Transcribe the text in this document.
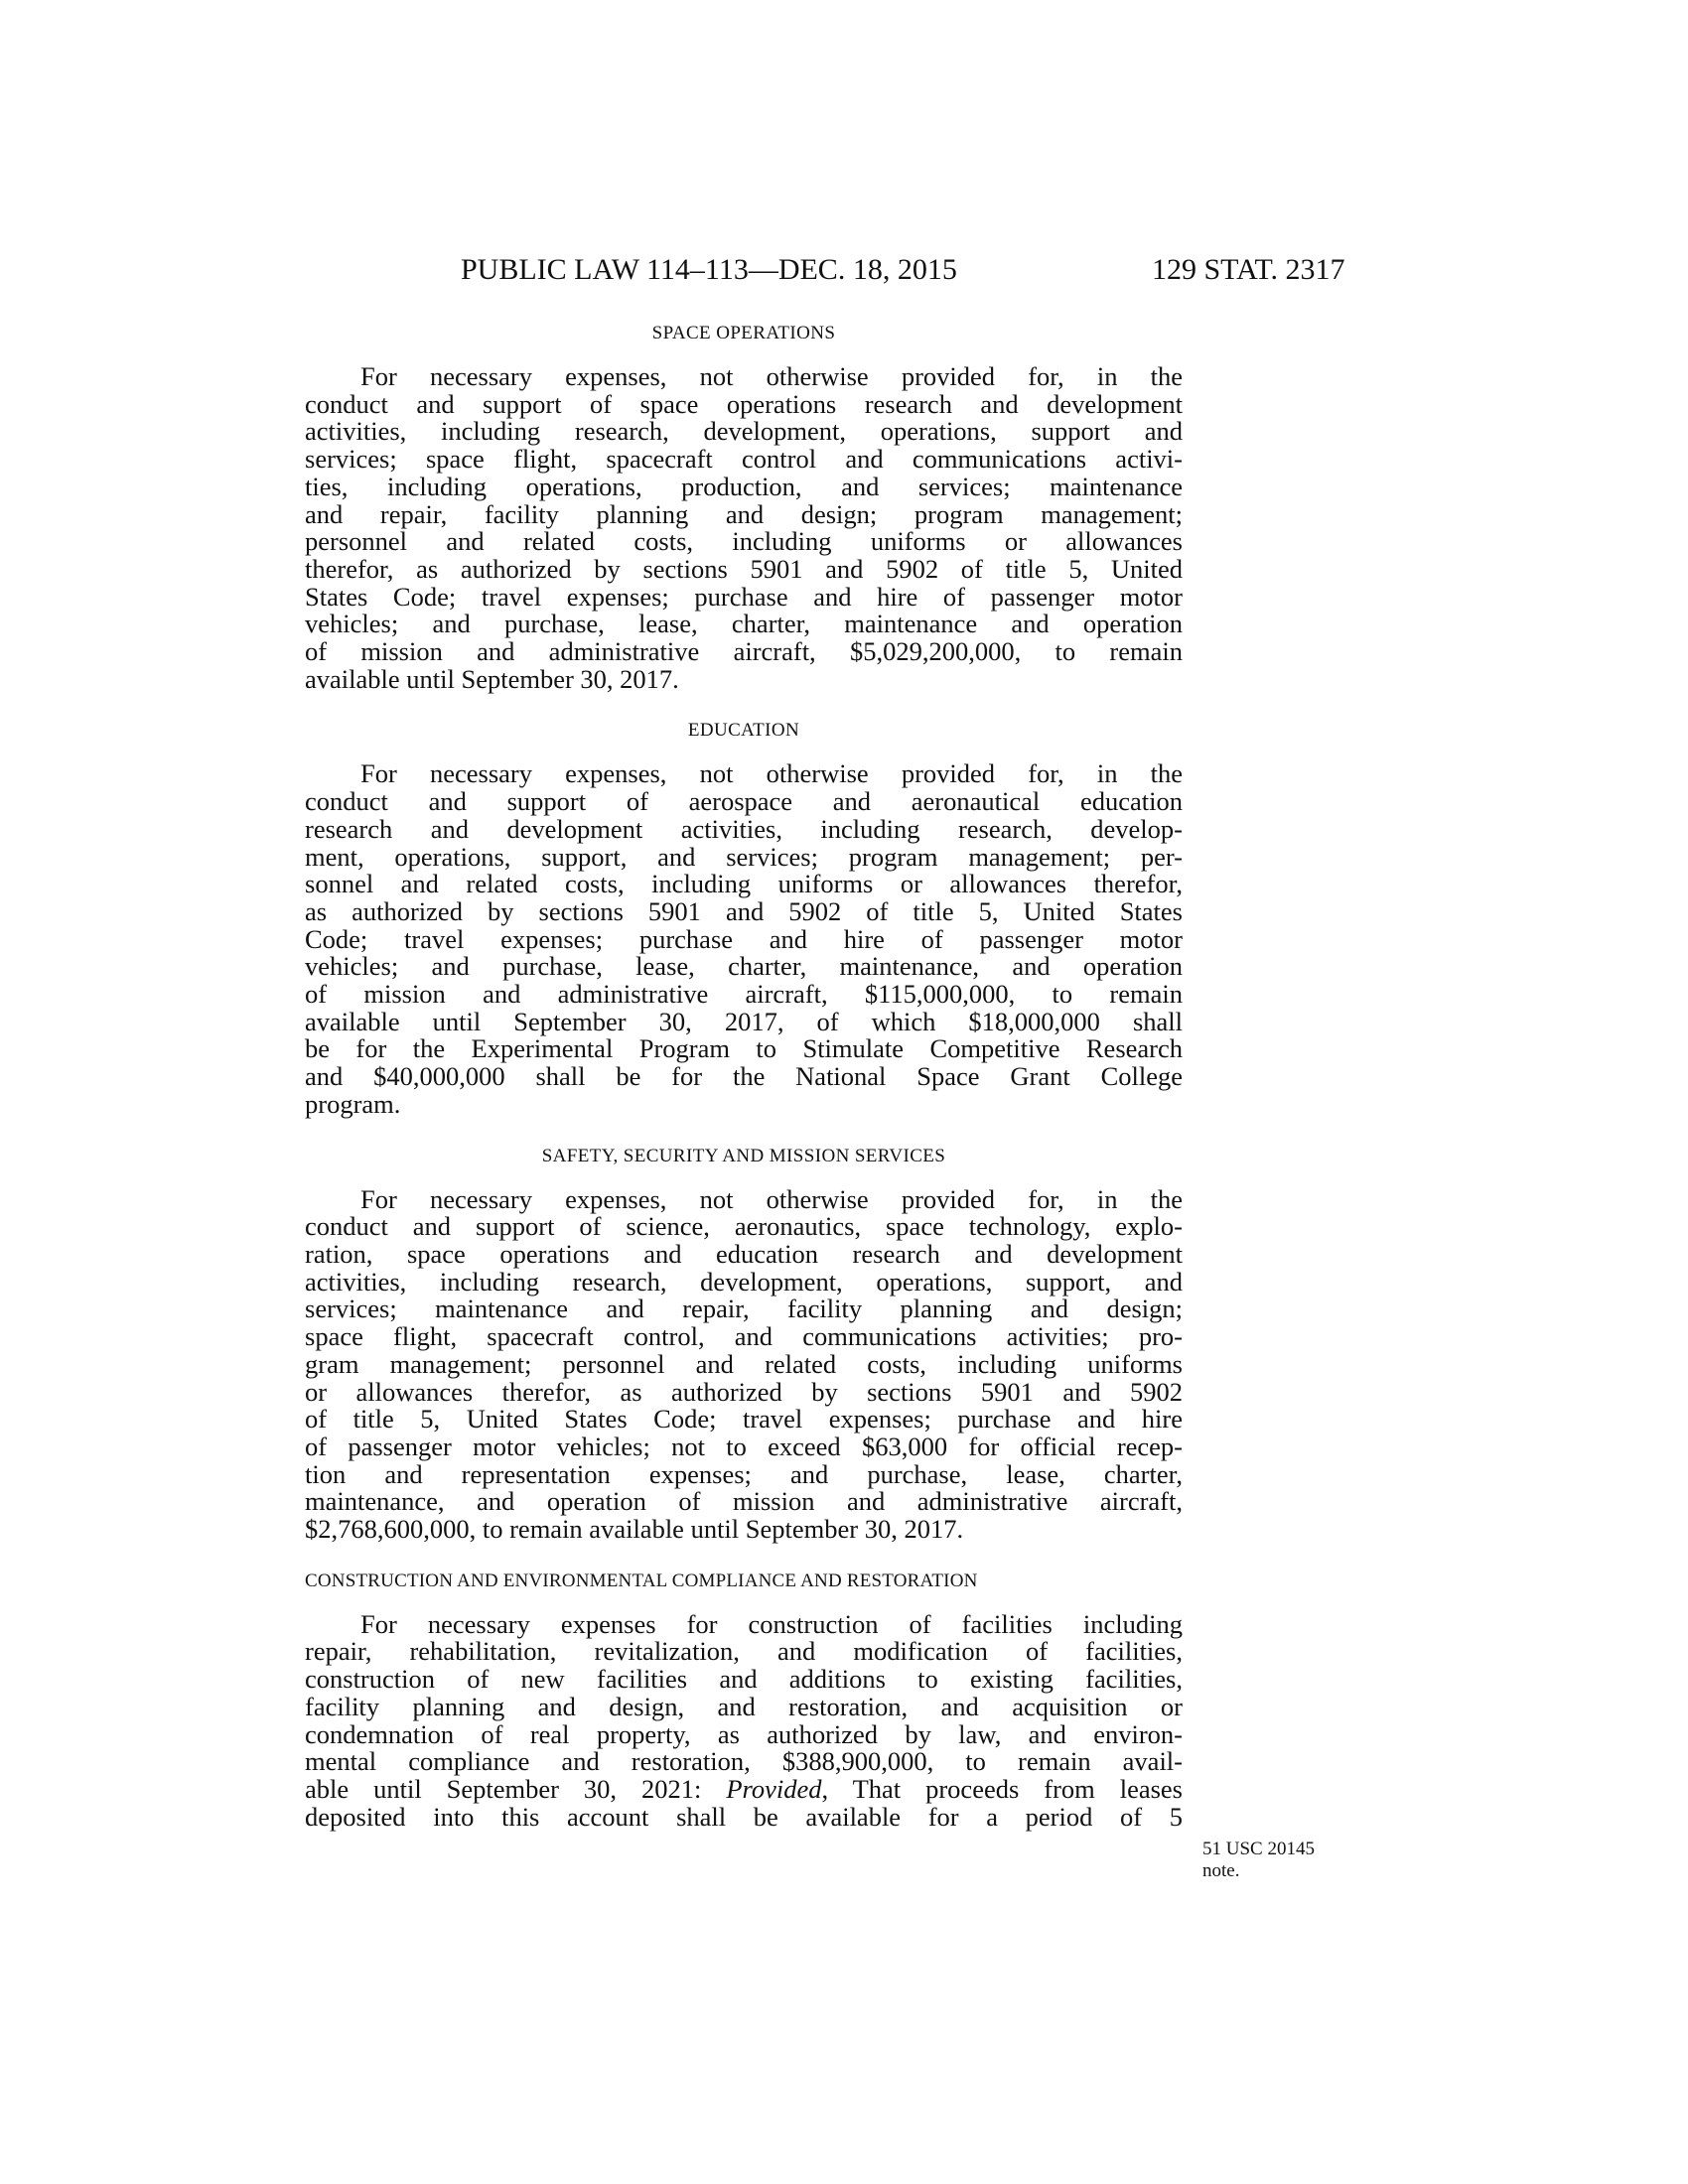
PUBLIC LAW 114–113—DEC. 18, 2015	129 STAT. 2317
SPACE OPERATIONS
For necessary expenses, not otherwise provided for, in the
conduct and support of space operations research and development
activities, including research, development, operations, support and
services; space flight, spacecraft control and communications activi-
ties, including operations, production, and services; maintenance
and repair, facility planning and design; program management;
personnel and related costs, including uniforms or allowances
therefor, as authorized by sections 5901 and 5902 of title 5, United
States Code; travel expenses; purchase and hire of passenger motor
vehicles; and purchase, lease, charter, maintenance and operation
of mission and administrative aircraft, $5,029,200,000, to remain
available until September 30, 2017.
EDUCATION
For necessary expenses, not otherwise provided for, in the
conduct and support of aerospace and aeronautical education
research and development activities, including research, develop-
ment, operations, support, and services; program management; per-
sonnel and related costs, including uniforms or allowances therefor,
as authorized by sections 5901 and 5902 of title 5, United States
Code; travel expenses; purchase and hire of passenger motor
vehicles; and purchase, lease, charter, maintenance, and operation
of mission and administrative aircraft, $115,000,000, to remain
available until September 30, 2017, of which $18,000,000 shall
be for the Experimental Program to Stimulate Competitive Research
and $40,000,000 shall be for the National Space Grant College
program.
SAFETY, SECURITY AND MISSION SERVICES
For necessary expenses, not otherwise provided for, in the
conduct and support of science, aeronautics, space technology, explo-
ration, space operations and education research and development
activities, including research, development, operations, support, and
services; maintenance and repair, facility planning and design;
space flight, spacecraft control, and communications activities; pro-
gram management; personnel and related costs, including uniforms
or allowances therefor, as authorized by sections 5901 and 5902
of title 5, United States Code; travel expenses; purchase and hire
of passenger motor vehicles; not to exceed $63,000 for official recep-
tion and representation expenses; and purchase, lease, charter,
maintenance, and operation of mission and administrative aircraft,
$2,768,600,000, to remain available until September 30, 2017.
CONSTRUCTION AND ENVIRONMENTAL COMPLIANCE AND RESTORATION
For necessary expenses for construction of facilities including
repair, rehabilitation, revitalization, and modification of facilities,
construction of new facilities and additions to existing facilities,
facility planning and design, and restoration, and acquisition or
condemnation of real property, as authorized by law, and environ-
mental compliance and restoration, $388,900,000, to remain avail-
able until September 30, 2021: Provided, That proceeds from leases
deposited into this account shall be available for a period of 5
51 USC 20145
note.
